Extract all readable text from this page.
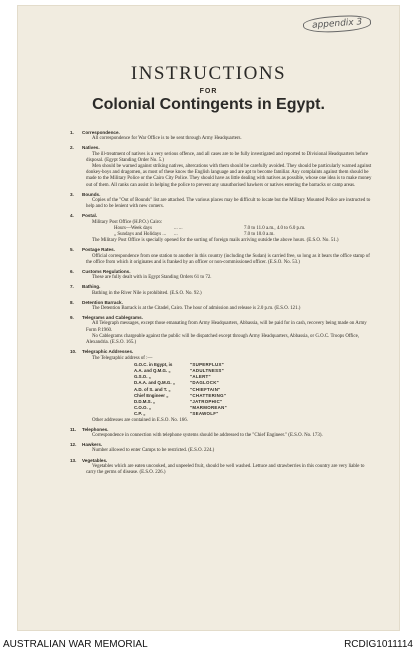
appendix 3
INSTRUCTIONS
FOR
Colonial Contingents in Egypt.
1. Correspondence.
All correspondence for War Office is to be sent through Army Headquarters.
2. Natives.
The ill-treatment of natives is a very serious offence, and all cases are to be fully investigated and reported to Divisional Headquarters before disposal. (Egypt Standing Order No. 5.)
Men should be warned against striking natives, altercations with them should be carefully avoided. They should be particularly warned against donkey-boys and dragomen, as most of these know the English language and are apt to become familiar. Any complaints against them should be made to the Military Police or the Cairo City Police. They should have as little dealing with natives as possible, whose one idea is to make money out of them. All ranks can assist in helping the police to prevent any unauthorised hawkers or natives entering the barracks or camp areas.
3. Bounds.
Copies of the "Out of Bounds" list are attached. The various places may be difficult to locate but the Military Mounted Police are instructed to help and to be lenient with new comers.
4. Postal.
Military Post Office (H.P.O.) Cairo:
Hours—Week days	... ...	7.0 to 11.0 a.m., 4.0 to 6.0 p.m.
„ Sundays and Holidays ...	...	7.0 to 10.0 a.m.
The Military Post Office is specially opened for the sorting of foreign mails arriving outside the above hours. (E.S.O. No. 51.)
5. Postage Rates.
Official correspondence from one station to another in this country (including the Sudan) is carried free, so long as it bears the office stamp of the office from which it originates and is franked by an officer or non-commissioned officer. (E.S.O. No. 53.)
6. Customs Regulations.
These are fully dealt with in Egypt Standing Orders 61 to 72.
7. Bathing.
Bathing in the River Nile is prohibited. (E.S.O. No. 92.)
8. Detention Barrack.
The Detention Barrack is at the Citadel, Cairo. The hour of admission and release is 2.0 p.m. (E.S.O. 121.)
9. Telegrams and Cablegrams.
All Telegraph messages, except those emanating from Army Headquarters, Abbassia, will be paid for in cash, recovery being made on Army Form P.1960.
No Cablegrams chargeable against the public will be dispatched except through Army Headquarters, Abbassia, or G.O.C. Troops Office, Alexandria. (E.S.O. 165.)
10. Telegraphic Addresses.
The Telegraphic address of :—
G.O.C. in Egypt, is	"SUPERFLUX"
A.A. and Q.M.G. „	"ADULTNESS"
G.S.O. „	"ALERT"
D.A.A. and Q.M.G. „	"DAGLOCK"
A.D. of S. and T. „	"CHIEFTAIN"
Chief Engineer „	"CHATTERING"
D.D.M.S. „	"JATROPHIC"
C.O.O. „	"MARMOREAN"
C.P. „	"SEAWOLF"
Other addresses are contained in E.S.O. No. 166.
11. Telephones.
Correspondence in connection with telephone systems should be addressed to the "Chief Engineer." (E.S.O. No. 173).
12. Hawkers.
Number allowed to enter Camps to be restricted. (E.S.O. 224.)
13. Vegetables.
Vegetables which are eaten uncooked, and unpeeled fruit, should be well washed. Lettuce and strawberries in this country are very liable to carry the germs of disease. (E.S.O. 226.)
AUSTRALIAN WAR MEMORIAL	RCDIG1011114
